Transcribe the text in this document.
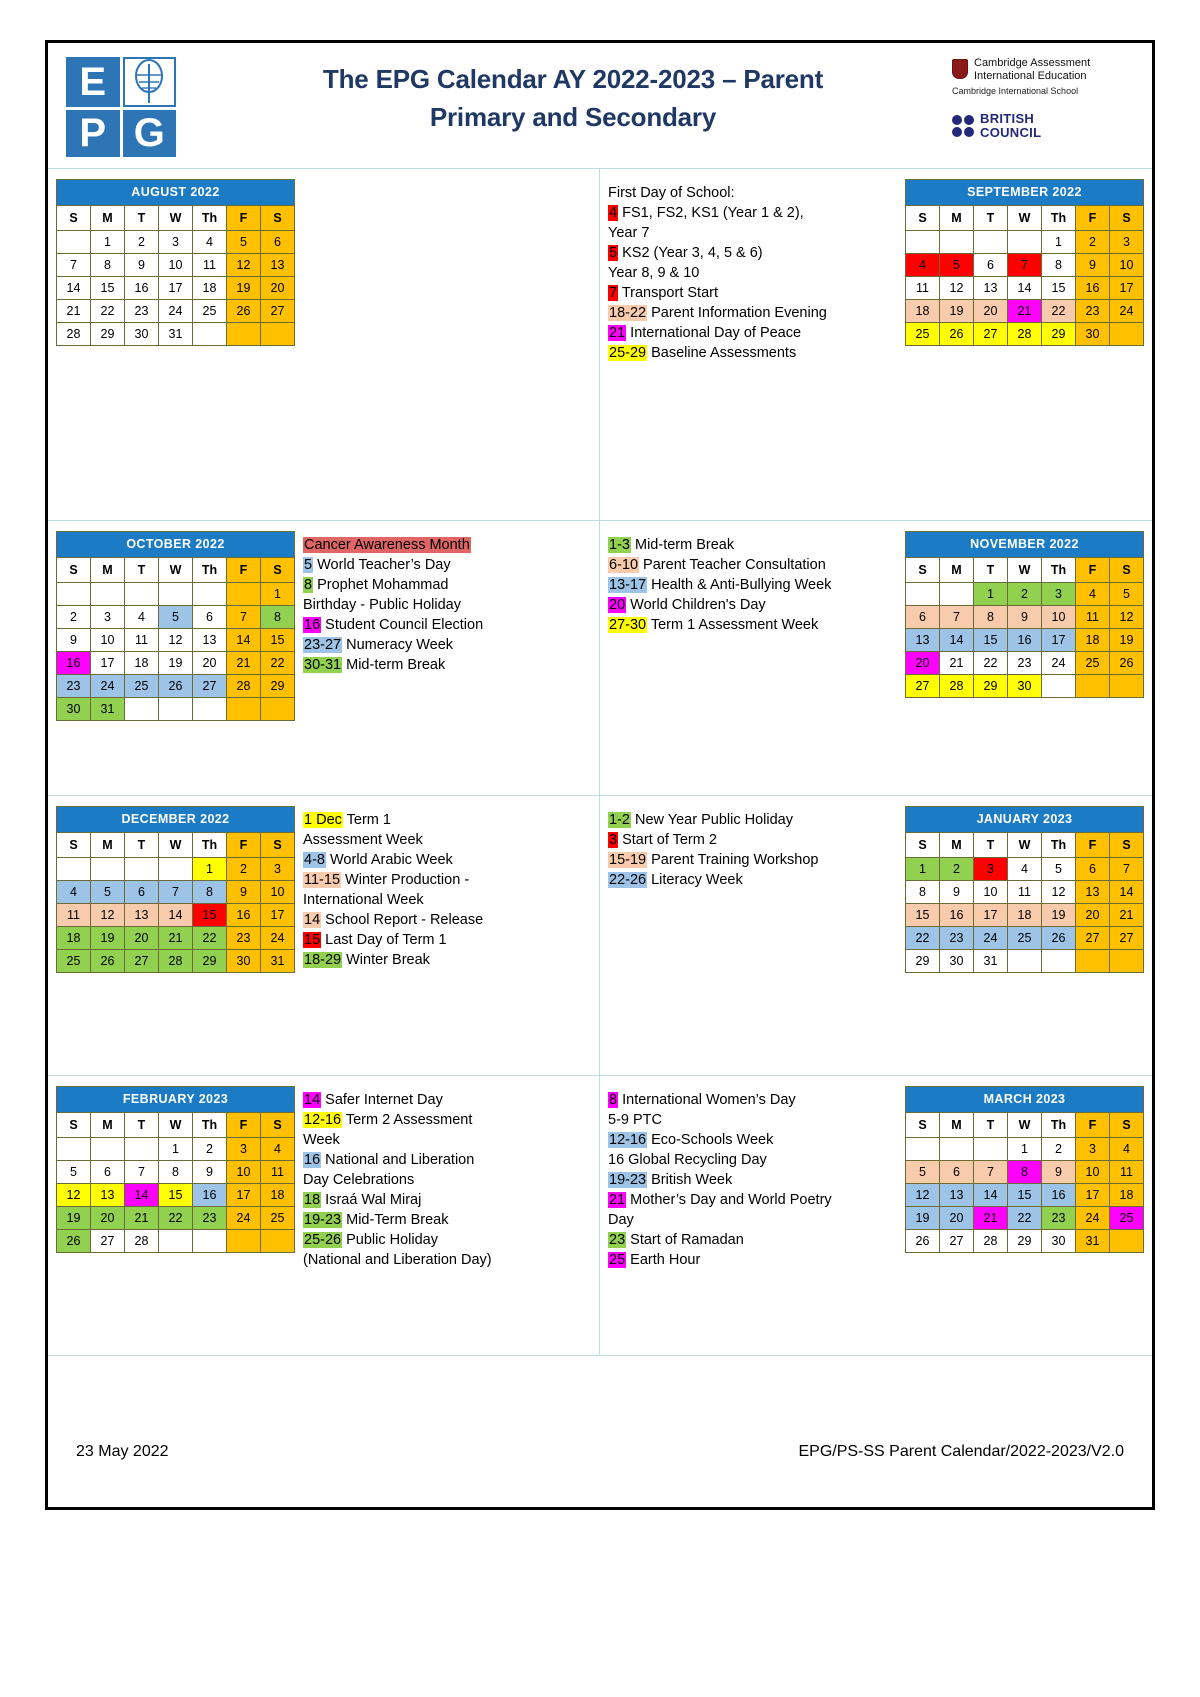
E
P G
The EPG Calendar AY 2022-2023 – Parent
Primary and Secondary
Cambridge Assessment
International Education
Cambridge International School
BRITISH
COUNCIL
AUGUST 2022						
S	M	T	W	Th	F	S
	1	2	3	4	5	6
7	8	9	10	11	12	13
14	15	16	17	18	19	20
21	22	23	24	25	26	27
28	29	30	31			
First Day of School:
4 FS1, FS2, KS1 (Year 1 & 2),
Year 7
5 KS2 (Year 3, 4, 5 & 6)
Year 8, 9 & 10
7 Transport Start
18-22 Parent Information Evening
21 International Day of Peace
25-29 Baseline Assessments
SEPTEMBER 2022						
S	M	T	W	Th	F	S
				1	2	3
4	5	6	7	8	9	10
11	12	13	14	15	16	17
18	19	20	21	22	23	24
25	26	27	28	29	30	
OCTOBER 2022						
S	M	T	W	Th	F	S
						1
2	3	4	5	6	7	8
9	10	11	12	13	14	15
16	17	18	19	20	21	22
23	24	25	26	27	28	29
30	31					
Cancer Awareness Month
5 World Teacher’s Day
8 Prophet Mohammad
Birthday - Public Holiday
16 Student Council Election
23-27 Numeracy Week
30-31 Mid-term Break
1-3 Mid-term Break
6-10 Parent Teacher Consultation
13-17 Health & Anti-Bullying Week
20 World Children's Day
27-30 Term 1 Assessment Week
NOVEMBER 2022						
S	M	T	W	Th	F	S
		1	2	3	4	5
6	7	8	9	10	11	12
13	14	15	16	17	18	19
20	21	22	23	24	25	26
27	28	29	30			
DECEMBER 2022						
S	M	T	W	Th	F	S
				1	2	3
4	5	6	7	8	9	10
11	12	13	14	15	16	17
18	19	20	21	22	23	24
25	26	27	28	29	30	31
1 Dec Term 1
Assessment Week
4-8 World Arabic Week
11-15 Winter Production -
International Week
14 School Report - Release
15 Last Day of Term 1
18-29 Winter Break
1-2 New Year Public Holiday
3 Start of Term 2
15-19 Parent Training Workshop
22-26 Literacy Week
JANUARY 2023						
S	M	T	W	Th	F	S
1	2	3	4	5	6	7
8	9	10	11	12	13	14
15	16	17	18	19	20	21
22	23	24	25	26	27	27
29	30	31				
FEBRUARY 2023						
S	M	T	W	Th	F	S
			1	2	3	4
5	6	7	8	9	10	11
12	13	14	15	16	17	18
19	20	21	22	23	24	25
26	27	28				
14 Safer Internet Day
12-16 Term 2 Assessment
Week
16 National and Liberation
Day Celebrations
18 Israá Wal Miraj
19-23 Mid-Term Break
25-26 Public Holiday
(National and Liberation Day)
8 International Women’s Day
5-9 PTC
12-16 Eco-Schools Week
16 Global Recycling Day
19-23 British Week
21 Mother’s Day and World Poetry
Day
23 Start of Ramadan
25 Earth Hour
MARCH 2023						
S	M	T	W	Th	F	S
			1	2	3	4
5	6	7	8	9	10	11
12	13	14	15	16	17	18
19	20	21	22	23	24	25
26	27	28	29	30	31	
23 May 2022	EPG/PS-SS Parent Calendar/2022-2023/V2.0
